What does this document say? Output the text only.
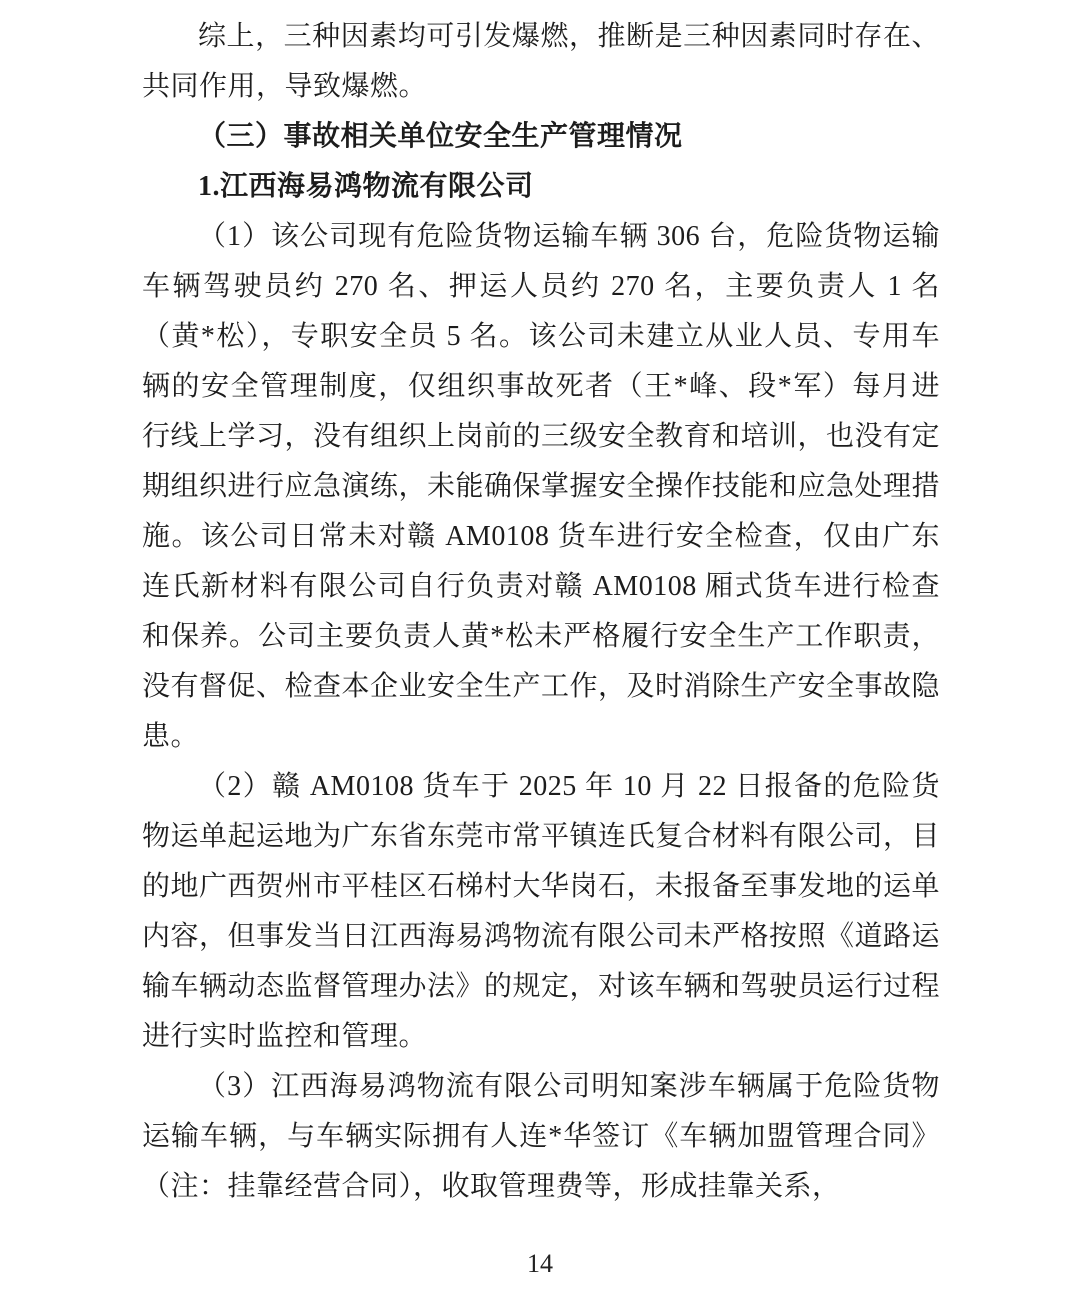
综上，三种因素均可引发爆燃，推断是三种因素同时存在、共同作用，导致爆燃。

（三）事故相关单位安全生产管理情况

1.江西海易鸿物流有限公司

（1）该公司现有危险货物运输车辆 306 台，危险货物运输车辆驾驶员约 270 名、押运人员约 270 名，主要负责人 1 名（黄*松），专职安全员 5 名。该公司未建立从业人员、专用车辆的安全管理制度，仅组织事故死者（王*峰、段*军）每月进行线上学习，没有组织上岗前的三级安全教育和培训，也没有定期组织进行应急演练，未能确保掌握安全操作技能和应急处理措施。该公司日常未对赣 AM0108 货车进行安全检查，仅由广东连氏新材料有限公司自行负责对赣 AM0108 厢式货车进行检查和保养。公司主要负责人黄*松未严格履行安全生产工作职责，没有督促、检查本企业安全生产工作，及时消除生产安全事故隐患。

（2）赣 AM0108 货车于 2025 年 10 月 22 日报备的危险货物运单起运地为广东省东莞市常平镇连氏复合材料有限公司，目的地广西贺州市平桂区石梯村大华岗石，未报备至事发地的运单内容，但事发当日江西海易鸿物流有限公司未严格按照《道路运输车辆动态监督管理办法》的规定，对该车辆和驾驶员运行过程进行实时监控和管理。

（3）江西海易鸿物流有限公司明知案涉车辆属于危险货物运输车辆，与车辆实际拥有人连*华签订《车辆加盟管理合同》（注：挂靠经营合同），收取管理费等，形成挂靠关系，

14
